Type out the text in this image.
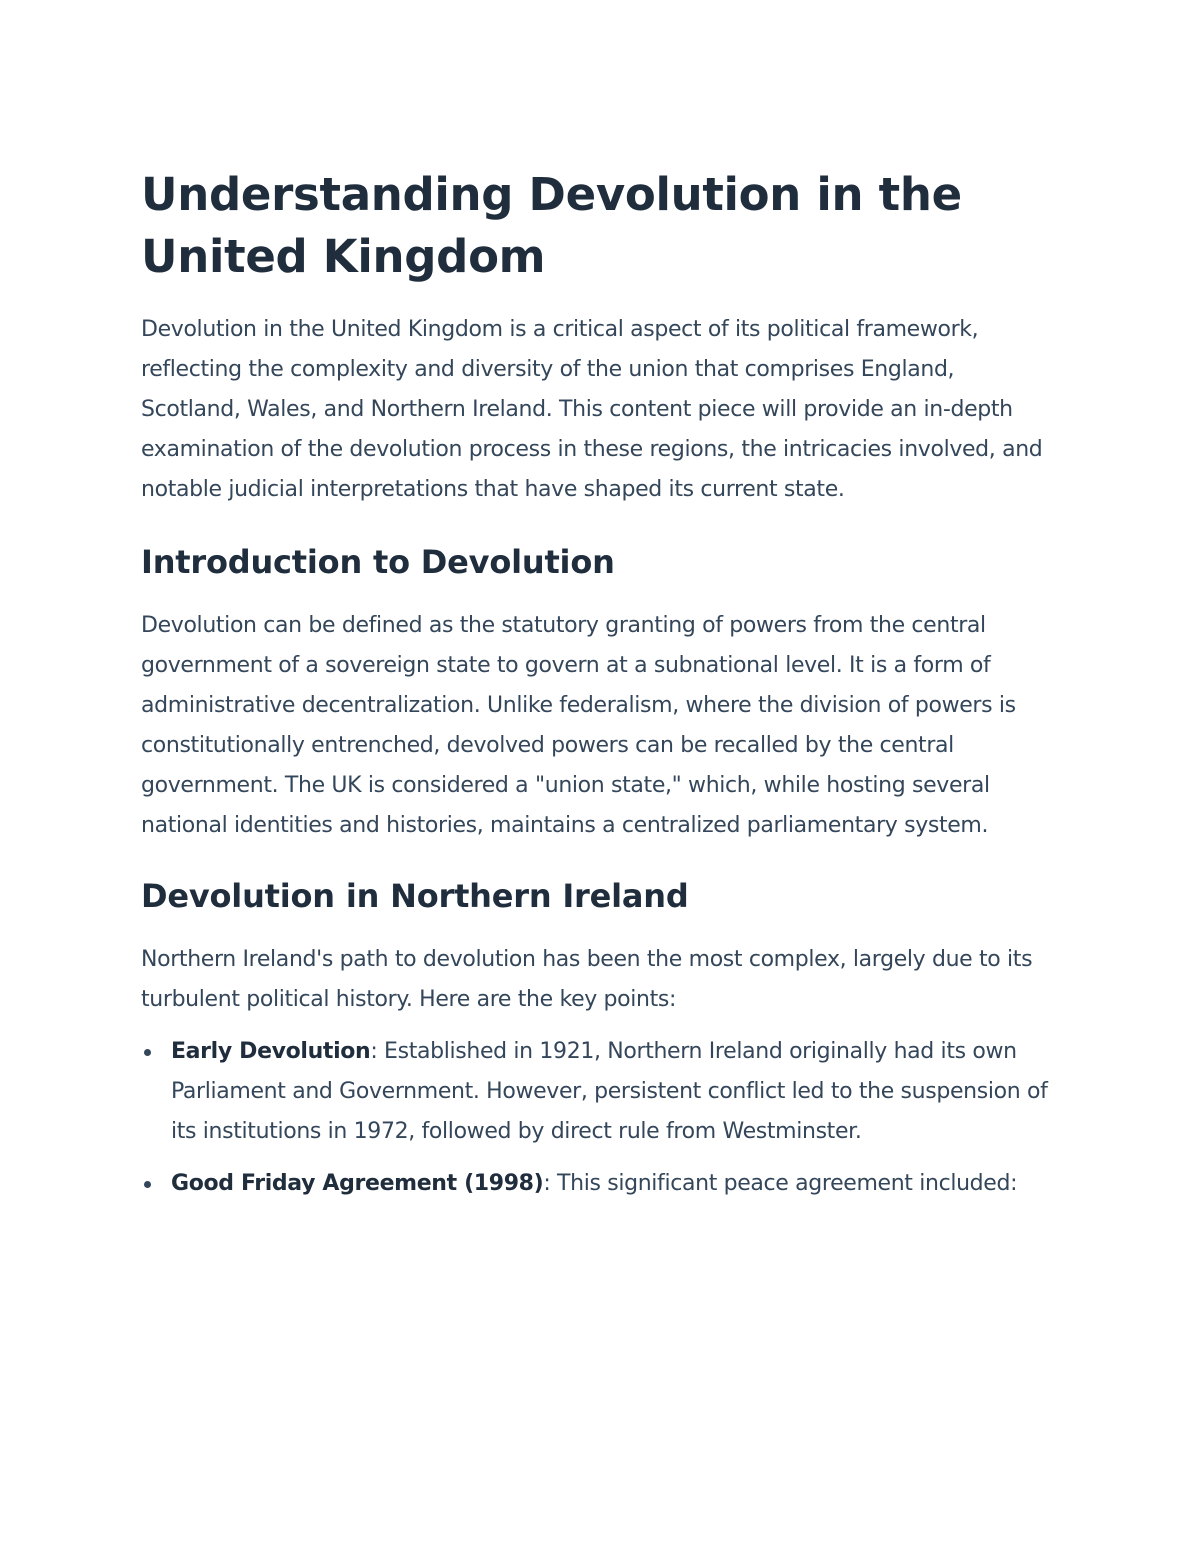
Understanding Devolution in the United Kingdom

Devolution in the United Kingdom is a critical aspect of its political framework, reflecting the complexity and diversity of the union that comprises England, Scotland, Wales, and Northern Ireland. This content piece will provide an in-depth examination of the devolution process in these regions, the intricacies involved, and notable judicial interpretations that have shaped its current state.

Introduction to Devolution

Devolution can be defined as the statutory granting of powers from the central government of a sovereign state to govern at a subnational level. It is a form of administrative decentralization. Unlike federalism, where the division of powers is constitutionally entrenched, devolved powers can be recalled by the central government. The UK is considered a "union state," which, while hosting several national identities and histories, maintains a centralized parliamentary system.

Devolution in Northern Ireland

Northern Ireland's path to devolution has been the most complex, largely due to its turbulent political history. Here are the key points:

Early Devolution: Established in 1921, Northern Ireland originally had its own Parliament and Government. However, persistent conflict led to the suspension of its institutions in 1972, followed by direct rule from Westminster.
Good Friday Agreement (1998): This significant peace agreement included:
